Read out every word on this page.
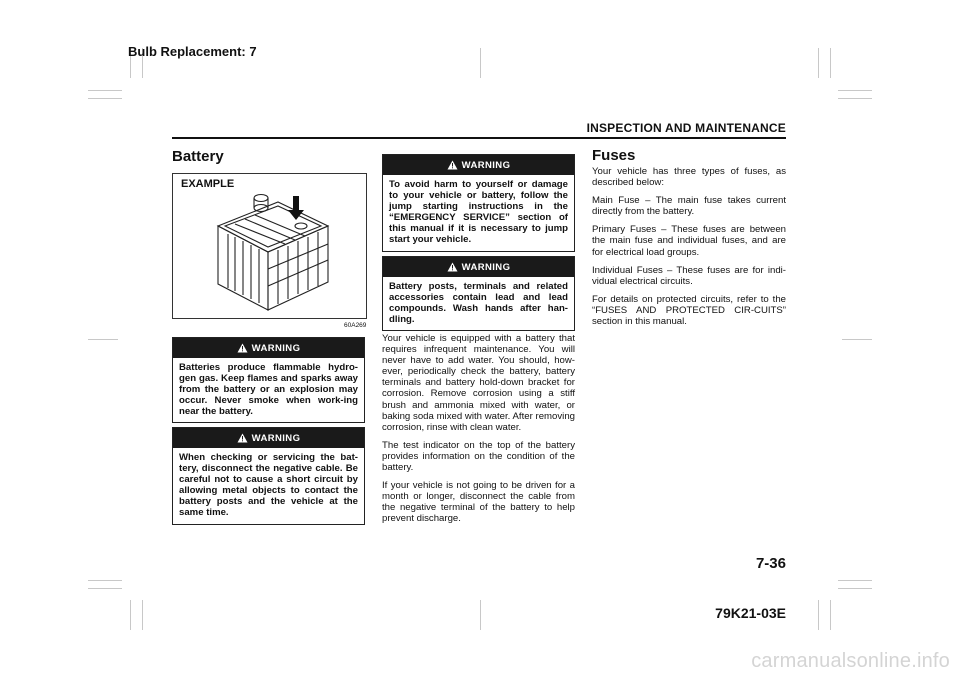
Bulb Replacement: 7
INSPECTION AND MAINTENANCE
Battery
EXAMPLE
60A269
WARNING
Batteries produce flammable hydro-gen gas. Keep flames and sparks away from the battery or an explosion may occur. Never smoke when work-ing near the battery.
WARNING
When checking or servicing the bat-tery, disconnect the negative cable. Be careful not to cause a short circuit by allowing metal objects to contact the battery posts and the vehicle at the same time.
WARNING
To avoid harm to yourself or damage to your vehicle or battery, follow the jump starting instructions in the “EMERGENCY SERVICE” section of this manual if it is necessary to jump start your vehicle.
WARNING
Battery posts, terminals and related accessories contain lead and lead compounds. Wash hands after han-dling.

Your vehicle is equipped with a battery that requires infrequent maintenance. You will never have to add water. You should, how-ever, periodically check the battery, battery terminals and battery hold-down bracket for corrosion. Remove corrosion using a stiff brush and ammonia mixed with water, or baking soda mixed with water. After removing corrosion, rinse with clean water.

The test indicator on the top of the battery provides information on the condition of the battery.

If your vehicle is not going to be driven for a month or longer, disconnect the cable from the negative terminal of the battery to help prevent discharge.

Fuses

Your vehicle has three types of fuses, as described below:

Main Fuse – The main fuse takes current directly from the battery.

Primary Fuses – These fuses are between the main fuse and individual fuses, and are for electrical load groups.

Individual Fuses – These fuses are for indi-vidual electrical circuits.

For details on protected circuits, refer to the “FUSES AND PROTECTED CIR-CUITS” section in this manual.

7-36
79K21-03E
carmanualsonline.info
